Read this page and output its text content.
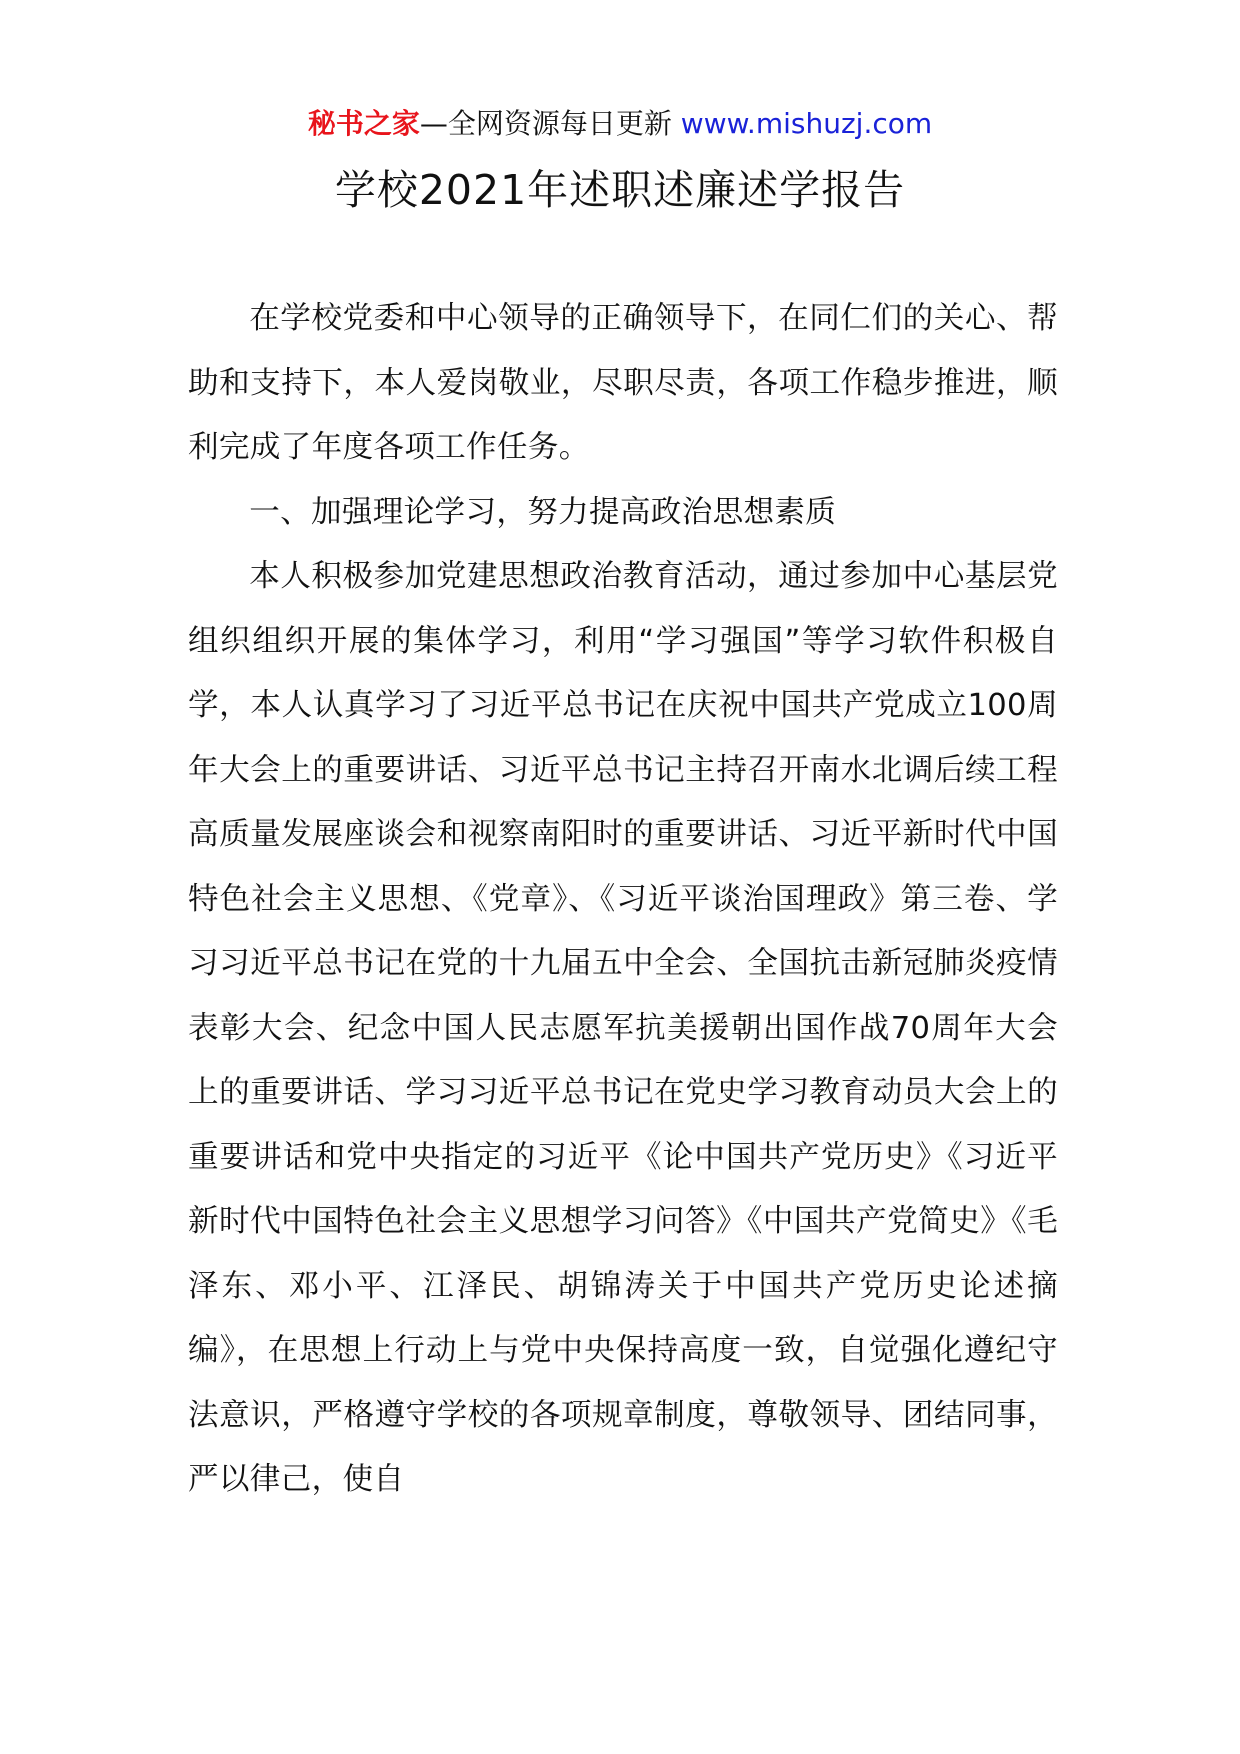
秘书之家—全网资源每日更新 www.mishuzj.com
学校2021年述职述廉述学报告

在学校党委和中心领导的正确领导下，在同仁们的关心、帮助和支持下，本人爱岗敬业，尽职尽责，各项工作稳步推进，顺利完成了年度各项工作任务。

一、加强理论学习，努力提高政治思想素质

本人积极参加党建思想政治教育活动，通过参加中心基层党组织组织开展的集体学习，利用“学习强国”等学习软件积极自学，本人认真学习了习近平总书记在庆祝中国共产党成立100周年大会上的重要讲话、习近平总书记主持召开南水北调后续工程高质量发展座谈会和视察南阳时的重要讲话、习近平新时代中国特色社会主义思想、《党章》、《习近平谈治国理政》第三卷、学习习近平总书记在党的十九届五中全会、全国抗击新冠肺炎疫情表彰大会、纪念中国人民志愿军抗美援朝出国作战70周年大会上的重要讲话、学习习近平总书记在党史学习教育动员大会上的重要讲话和党中央指定的习近平《论中国共产党历史》《习近平新时代中国特色社会主义思想学习问答》《中国共产党简史》《毛泽东、邓小平、江泽民、胡锦涛关于中国共产党历史论述摘编》，在思想上行动上与党中央保持高度一致，自觉强化遵纪守法意识，严格遵守学校的各项规章制度，尊敬领导、团结同事，严以律己，使自
